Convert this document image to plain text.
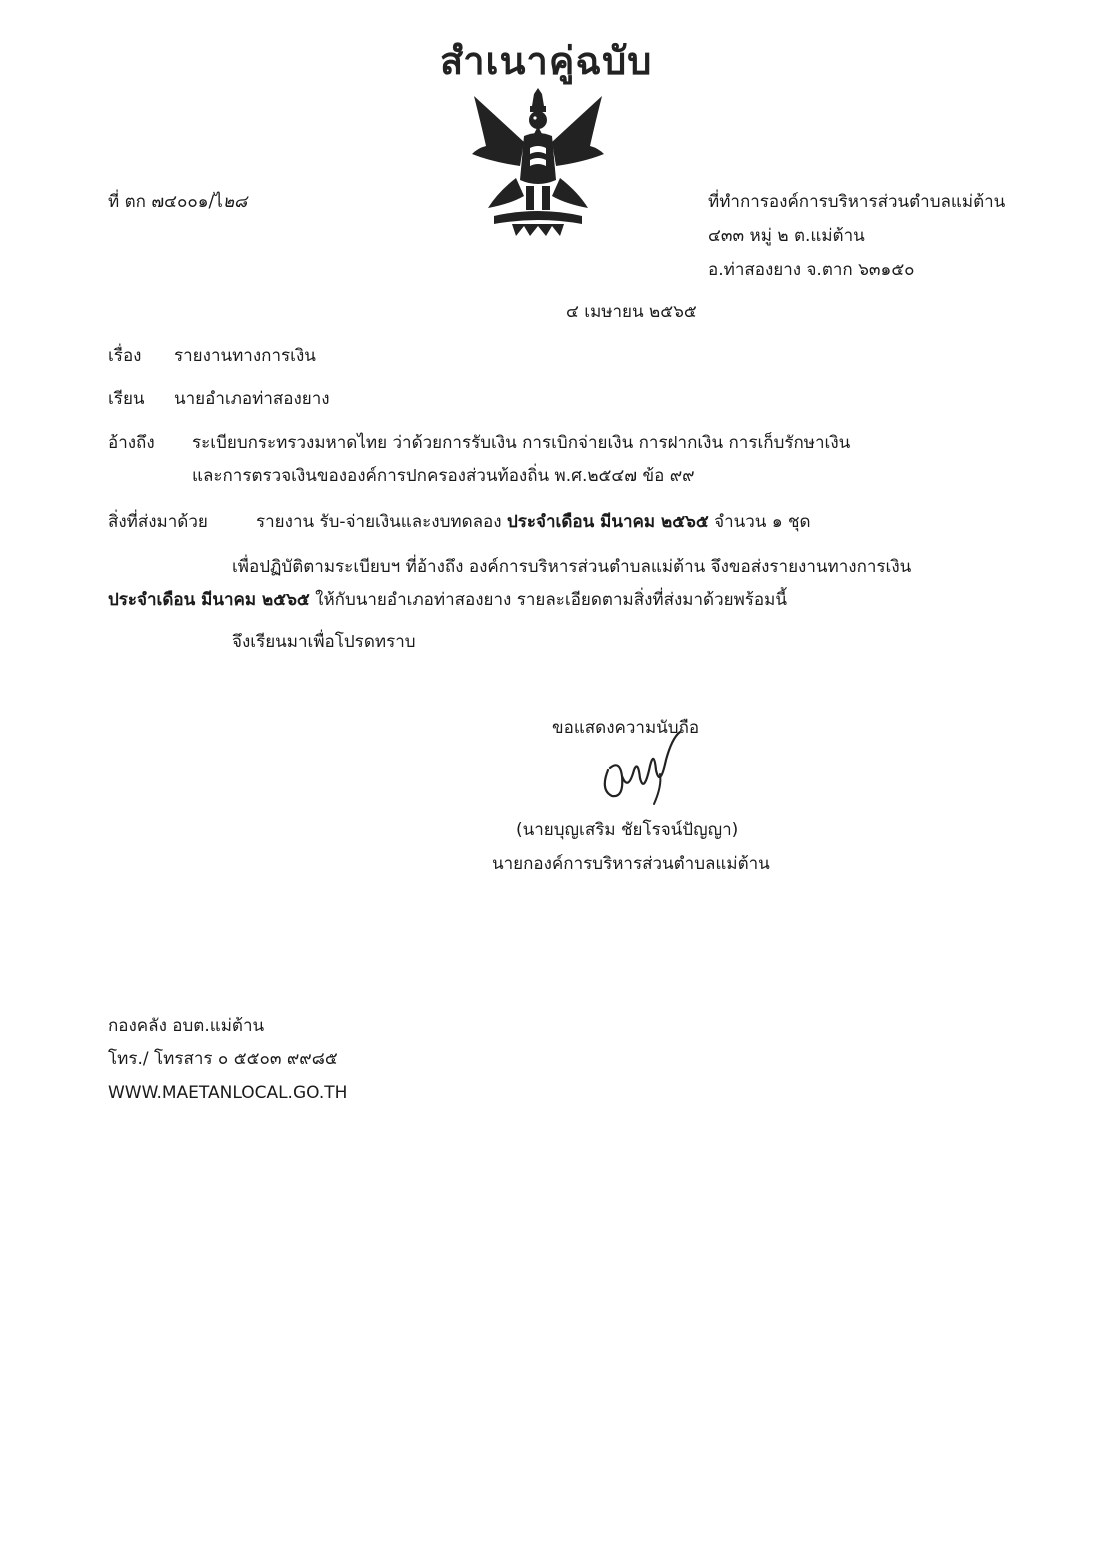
สำเนาคู่ฉบับ
ที่ ตก ๗๔๐๐๑/ไ๒๘	ที่ทำการองค์การบริหารส่วนตำบลแม่ต้าน
๔๓๓ หมู่ ๒ ต.แม่ต้าน
อ.ท่าสองยาง จ.ตาก ๖๓๑๕๐
๔ เมษายน ๒๕๖๕
เรื่อง รายงานทางการเงิน
เรียน นายอำเภอท่าสองยาง
อ้างถึง ระเบียบกระทรวงมหาดไทย ว่าด้วยการรับเงิน การเบิกจ่ายเงิน การฝากเงิน การเก็บรักษาเงิน
และการตรวจเงินขององค์การปกครองส่วนท้องถิ่น พ.ศ.๒๕๔๗ ข้อ ๙๙
สิ่งที่ส่งมาด้วย	รายงาน รับ-จ่ายเงินและงบทดลอง ประจำเดือน มีนาคม ๒๕๖๕ จำนวน ๑ ชุด
เพื่อปฏิบัติตามระเบียบฯ ที่อ้างถึง องค์การบริหารส่วนตำบลแม่ต้าน จึงขอส่งรายงานทางการเงิน
ประจำเดือน มีนาคม ๒๕๖๕ ให้กับนายอำเภอท่าสองยาง รายละเอียดตามสิ่งที่ส่งมาด้วยพร้อมนี้
จึงเรียนมาเพื่อโปรดทราบ
ขอแสดงความนับถือ
(นายบุญเสริม ชัยโรจน์ปัญญา)
นายกองค์การบริหารส่วนตำบลแม่ต้าน
กองคลัง อบต.แม่ต้าน
โทร./ โทรสาร ๐ ๕๕๐๓ ๙๙๘๕
WWW.MAETANLOCAL.GO.TH
